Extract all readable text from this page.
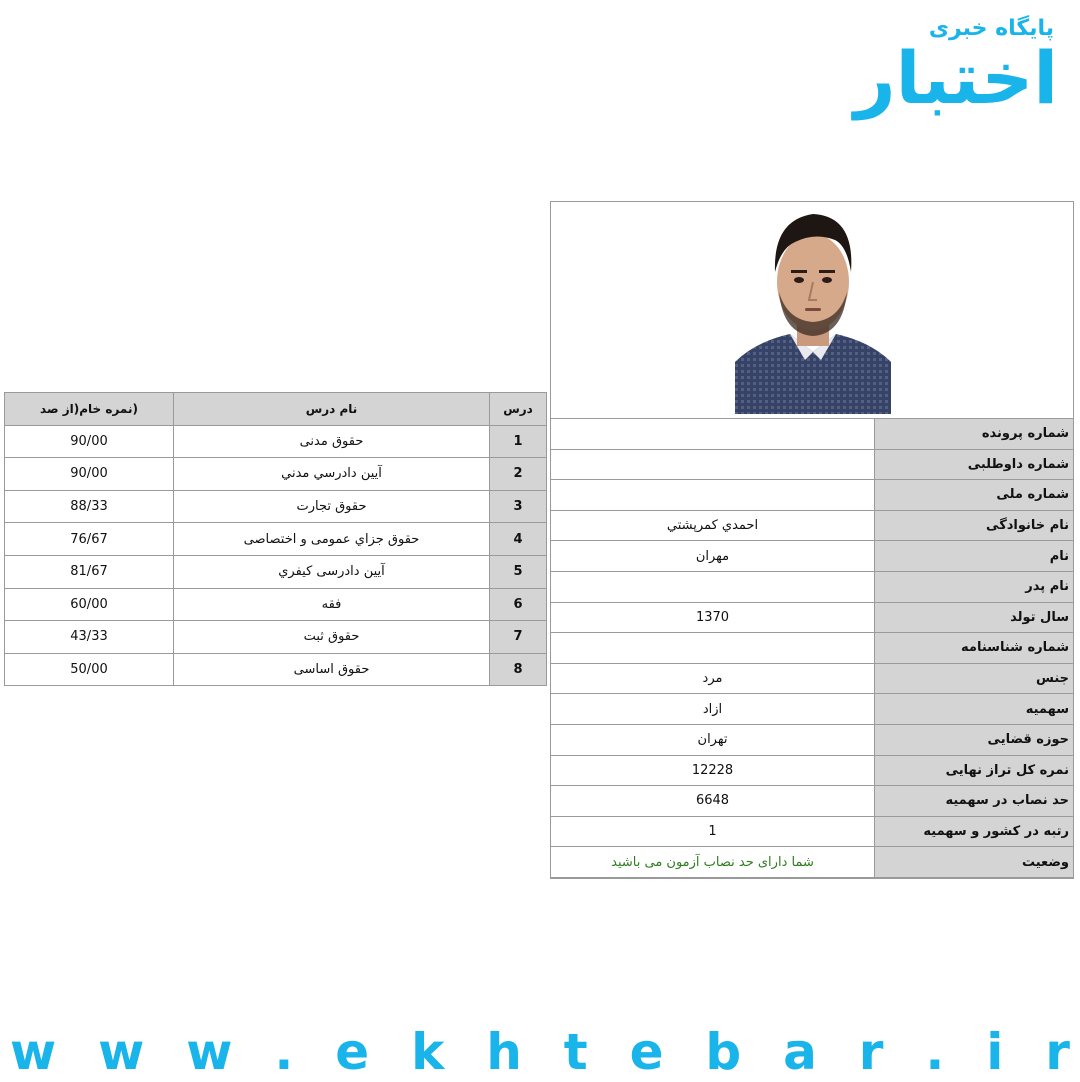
پایگاه خبری
اختبار
شماره پرونده	
شماره داوطلبی	
شماره ملی	
نام خانوادگی	احمدي كمرپشتي
نام	مهران
نام پدر	
سال تولد	1370
شماره شناسنامه	
جنس	مرد
سهمیه	ازاد
حوزه قضایی	تهران
نمره کل تراز نهایی	12228
حد نصاب در سهمیه	6648
رتبه در کشور و سهمیه	1
وضعیت	شما دارای حد نصاب آزمون می باشید
درس	نام درس	(نمره خام(از صد
1	حقوق مدنی	90/00
2	آيين دادرسي مدني	90/00
3	حقوق تجارت	88/33
4	حقوق جزاي عمومی و اختصاصی	76/67
5	آیین دادرسی کيفري	81/67
6	فقه	60/00
7	حقوق ثبت	43/33
8	حقوق اساسی	50/00
w w w . e k h t e b a r . i r
